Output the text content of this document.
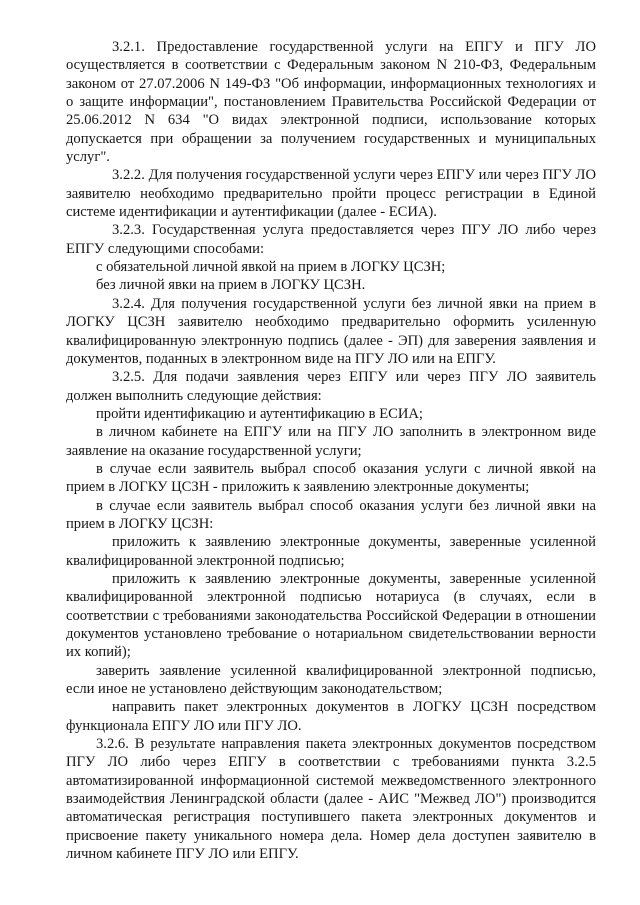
3.2.1. Предоставление государственной услуги на ЕПГУ и ПГУ ЛО осуществляется в соответствии с Федеральным законом N 210-ФЗ, Федеральным законом от 27.07.2006 N 149-ФЗ "Об информации, информационных технологиях и о защите информации", постановлением Правительства Российской Федерации от 25.06.2012 N 634 "О видах электронной подписи, использование которых допускается при обращении за получением государственных и муниципальных услуг".

3.2.2. Для получения государственной услуги через ЕПГУ или через ПГУ ЛО заявителю необходимо предварительно пройти процесс регистрации в Единой системе идентификации и аутентификации (далее - ЕСИА).

3.2.3. Государственная услуга предоставляется через ПГУ ЛО либо через ЕПГУ следующими способами:

с обязательной личной явкой на прием в ЛОГКУ ЦСЗН;

без личной явки на прием в ЛОГКУ ЦСЗН.

3.2.4. Для получения государственной услуги без личной явки на прием в ЛОГКУ ЦСЗН заявителю необходимо предварительно оформить усиленную квалифицированную электронную подпись (далее - ЭП) для заверения заявления и документов, поданных в электронном виде на ПГУ ЛО или на ЕПГУ.

3.2.5. Для подачи заявления через ЕПГУ или через ПГУ ЛО заявитель должен выполнить следующие действия:

пройти идентификацию и аутентификацию в ЕСИА;

в личном кабинете на ЕПГУ или на ПГУ ЛО заполнить в электронном виде заявление на оказание государственной услуги;

в случае если заявитель выбрал способ оказания услуги с личной явкой на прием в ЛОГКУ ЦСЗН - приложить к заявлению электронные документы;

в случае если заявитель выбрал способ оказания услуги без личной явки на прием в ЛОГКУ ЦСЗН:

приложить к заявлению электронные документы, заверенные усиленной квалифицированной электронной подписью;

приложить к заявлению электронные документы, заверенные усиленной квалифицированной электронной подписью нотариуса (в случаях, если в соответствии с требованиями законодательства Российской Федерации в отношении документов установлено требование о нотариальном свидетельствовании верности их копий);

заверить заявление усиленной квалифицированной электронной подписью, если иное не установлено действующим законодательством;

направить пакет электронных документов в ЛОГКУ ЦСЗН посредством функционала ЕПГУ ЛО или ПГУ ЛО.

3.2.6. В результате направления пакета электронных документов посредством ПГУ ЛО либо через ЕПГУ в соответствии с требованиями пункта 3.2.5 автоматизированной информационной системой межведомственного электронного взаимодействия Ленинградской области (далее - АИС "Межвед ЛО") производится автоматическая регистрация поступившего пакета электронных документов и присвоение пакету уникального номера дела. Номер дела доступен заявителю в личном кабинете ПГУ ЛО или ЕПГУ.
